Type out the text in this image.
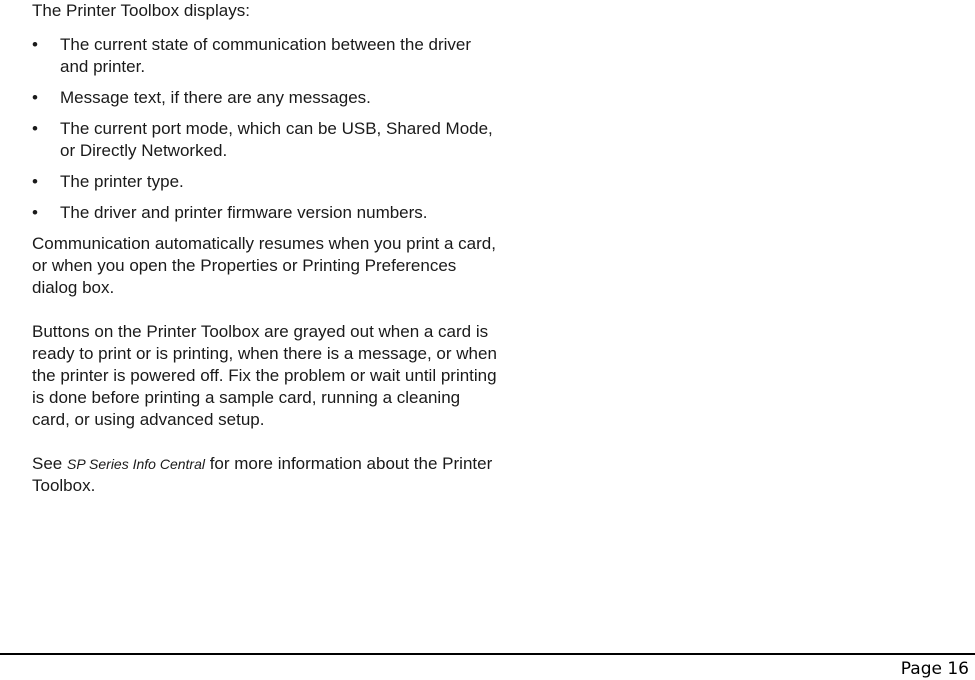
The Printer Toolbox displays:

• The current state of communication between the driver and printer.
• Message text, if there are any messages.
• The current port mode, which can be USB, Shared Mode, or Directly Networked.
• The printer type.
• The driver and printer firmware version numbers.

Communication automatically resumes when you print a card, or when you open the Properties or Printing Preferences dialog box.

Buttons on the Printer Toolbox are grayed out when a card is ready to print or is printing, when there is a message, or when the printer is powered off. Fix the problem or wait until printing is done before printing a sample card, running a cleaning card, or using advanced setup.

See SP Series Info Central for more information about the Printer Toolbox.

Page 16
